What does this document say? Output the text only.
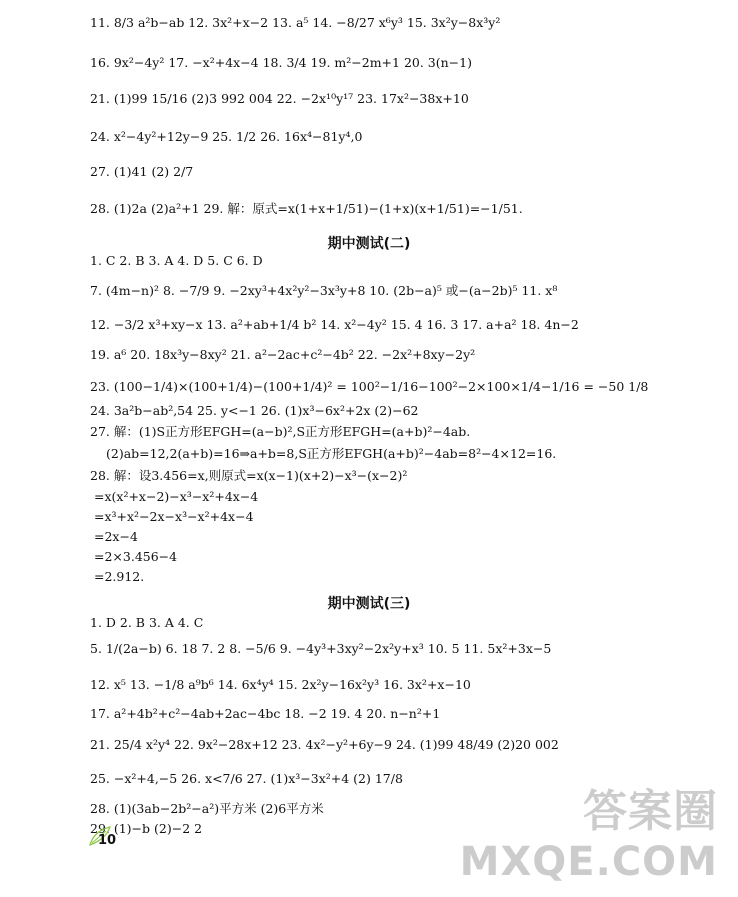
11. 8/3 a²b−ab 12. 3x²+x−2 13. a⁵ 14. −8/27 x⁶y³ 15. 3x²y−8x³y²
16. 9x²−4y² 17. −x²+4x−4 18. 3/4 19. m²−2m+1 20. 3(n−1)
21. (1)99 15/16 (2)3 992 004 22. −2x¹⁰y¹⁷ 23. 17x²−38x+10
24. x²−4y²+12y−9 25. 1/2 26. 16x⁴−81y⁴,0
27. (1)41 (2) 2/7
28. (1)2a (2)a²+1 29. 解：原式=x(1+x+1/51)−(1+x)(x+1/51)=−1/51.
期中测试(二)
1. C 2. B 3. A 4. D 5. C 6. D
7. (4m−n)² 8. −7/9 9. −2xy³+4x²y²−3x³y+8 10. (2b−a)⁵ 或−(a−2b)⁵ 11. x⁸
12. −3/2 x³+xy−x 13. a²+ab+1/4 b² 14. x²−4y² 15. 4 16. 3 17. a+a² 18. 4n−2
19. a⁶ 20. 18x³y−8xy² 21. a²−2ac+c²−4b² 22. −2x²+8xy−2y²
23. (100−1/4)×(100+1/4)−(100+1/4)² = 100²−1/16−100²−2×100×1/4−1/16 = −50 1/8
24. 3a²b−ab²,54 25. y<−1 26. (1)x³−6x²+2x (2)−62
27. 解：(1)S正方形EFGH=(a−b)²,S正方形EFGH=(a+b)²−4ab.
(2)ab=12,2(a+b)=16⇒a+b=8,S正方形EFGH(a+b)²−4ab=8²−4×12=16.
28. 解：设3.456=x,则原式=x(x−1)(x+2)−x³−(x−2)²
=x(x²+x−2)−x³−x²+4x−4
=x³+x²−2x−x³−x²+4x−4
=2x−4
=2×3.456−4
=2.912.
期中测试(三)
1. D 2. B 3. A 4. C
5. 1/(2a−b) 6. 18 7. 2 8. −5/6 9. −4y³+3xy²−2x²y+x³ 10. 5 11. 5x²+3x−5
12. x⁵ 13. −1/8 a⁹b⁶ 14. 6x⁴y⁴ 15. 2x²y−16x²y³ 16. 3x²+x−10
17. a²+4b²+c²−4ab+2ac−4bc 18. −2 19. 4 20. n−n²+1
21. 25/4 x²y⁴ 22. 9x²−28x+12 23. 4x²−y²+6y−9 24. (1)99 48/49 (2)20 002
25. −x²+4,−5 26. x<7/6 27. (1)x³−3x²+4 (2) 17/8
28. (1)(3ab−2b²−a²)平方米 (2)6平方米
29. (1)−b (2)−2 2
10
答案圈
MXQE.COM
